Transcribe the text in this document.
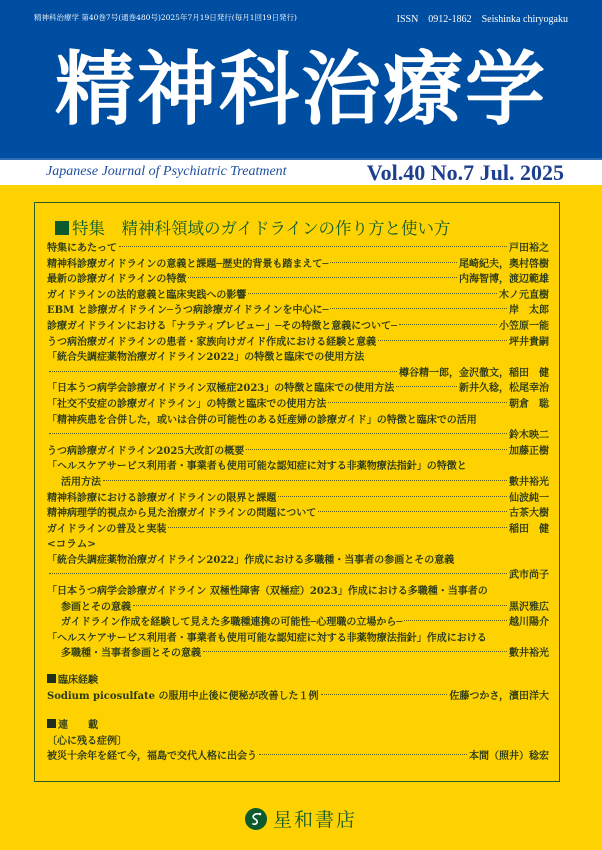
精神科治療学 第40巻7号(通巻480号)2025年7月19日発行(毎月1回19日発行)	ISSN　0912-1862　Seishinka chiryogaku
精神科治療学
Japanese Journal of Psychiatric Treatment	Vol.40 No.7 Jul. 2025
特集　 精神科領域のガイドラインの作り方と使い方
特集にあたって	戸田裕之
精神科診療ガイドラインの意義と課題─歴史的背景も踏まえて─	尾崎紀夫，奥村啓樹
最新の診療ガイドラインの特徴	内海智博，渡辺範雄
ガイドラインの法的意義と臨床実践への影響	木ノ元直樹
EBM と診療ガイドライン─うつ病診療ガイドラインを中心に─	岸　太郎
診療ガイドラインにおける「ナラティブレビュー」─その特徴と意義について─	小笠原一能
うつ病治療ガイドラインの患者・家族向けガイド作成における経験と意義	坪井貴嗣
「統合失調症薬物治療ガイドライン2022」の特徴と臨床での使用方法
樽谷精一郎，金沢徹文，稲田　健
「日本うつ病学会診療ガイドライン双極症2023」の特徴と臨床での使用方法	新井久稔，松尾幸治
「社交不安症の診療ガイドライン」の特徴と臨床での使用方法	朝倉　聡
「精神疾患を合併した，或いは合併の可能性のある妊産婦の診療ガイド」の特徴と臨床での活用
鈴木映二
うつ病診療ガイドライン2025大改訂の概要	加藤正樹
「ヘルスケアサービス利用者・事業者も使用可能な認知症に対する非薬物療法指針」の特徴と
活用方法	數井裕光
精神科診療における診療ガイドラインの限界と課題	仙波純一
精神病理学的視点から見た治療ガイドラインの問題について	古茶大樹
ガイドラインの普及と実装	稲田　健
<コラム>
「統合失調症薬物治療ガイドライン2022」作成における多職種・当事者の参画とその意義
武市尚子
「日本うつ病学会診療ガイドライン 双極性障害（双極症）2023」作成における多職種・当事者の
参画とその意義	黒沢雅広
ガイドライン作成を経験して見えた多職種連携の可能性─心理職の立場から─	越川陽介
「ヘルスケアサービス利用者・事業者も使用可能な認知症に対する非薬物療法指針」作成における
多職種・当事者参画とその意義	數井裕光
臨床経験
Sodium picosulfate の服用中止後に便秘が改善した１例	佐藤つかさ，濱田洋大
連　　載
〔心に残る症例〕
被災十余年を経て今，福島で交代人格に出会う	本間（照井）稔宏
星和書店
